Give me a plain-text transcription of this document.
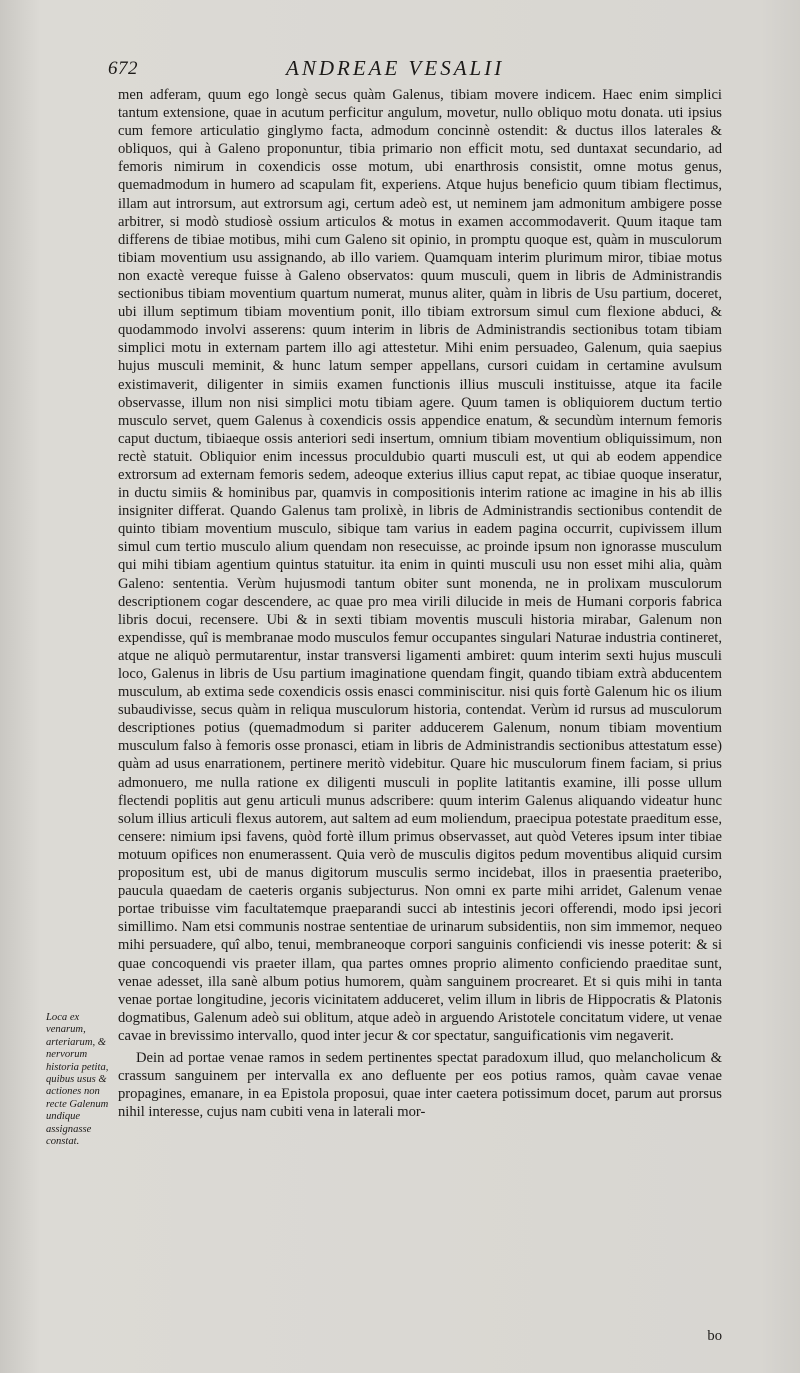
672	ANDREAE VESALII

men adferam, quum ego longè secus quàm Galenus, tibiam movere indicem. Haec enim simplici tantum extensione, quae in acutum perficitur angulum, movetur, nullo obliquo motu donata. uti ipsius cum femore articulatio ginglymo facta, admodum concinnè ostendit: & ductus illos laterales & obliquos, qui à Galeno proponuntur, tibia primario non efficit motu, sed duntaxat secundario, ad femoris nimirum in coxendicis osse motum, ubi enarthrosis consistit, omne motus genus, quemadmodum in humero ad scapulam fit, experiens. Atque hujus beneficio quum tibiam flectimus, illam aut introrsum, aut extrorsum agi, certum adeò est, ut neminem jam admonitum ambigere posse arbitrer, si modò studiosè ossium articulos & motus in examen accommodaverit. Quum itaque tam differens de tibiae motibus, mihi cum Galeno sit opinio, in promptu quoque est, quàm in musculorum tibiam moventium usu assignando, ab illo variem. Quamquam interim plurimum miror, tibiae motus non exactè vereque fuisse à Galeno observatos: quum musculi, quem in libris de Administrandis sectionibus tibiam moventium quartum numerat, munus aliter, quàm in libris de Usu partium, doceret, ubi illum septimum tibiam moventium ponit, illo tibiam extrorsum simul cum flexione abduci, & quodammodo involvi asserens: quum interim in libris de Administrandis sectionibus totam tibiam simplici motu in externam partem illo agi attestetur. Mihi enim persuadeo, Galenum, quia saepius hujus musculi meminit, & hunc latum semper appellans, cursori cuidam in certamine avulsum existimaverit, diligenter in simiis examen functionis illius musculi instituisse, atque ita facile observasse, illum non nisi simplici motu tibiam agere. Quum tamen is obliquiorem ductum tertio musculo servet, quem Galenus à coxendicis ossis appendice enatum, & secundùm internum femoris caput ductum, tibiaeque ossis anteriori sedi insertum, omnium tibiam moventium obliquissimum, non rectè statuit. Obliquior enim incessus proculdubio quarti musculi est, ut qui ab eodem appendice extrorsum ad externam femoris sedem, adeoque exterius illius caput repat, ac tibiae quoque inseratur, in ductu simiis & hominibus par, quamvis in compositionis interim ratione ac imagine in his ab illis insigniter differat. Quando Galenus tam prolixè, in libris de Administrandis sectionibus contendit de quinto tibiam moventium musculo, sibique tam varius in eadem pagina occurrit, cupivissem illum simul cum tertio musculo alium quendam non resecuisse, ac proinde ipsum non ignorasse musculum qui mihi tibiam agentium quintus statuitur. ita enim in quinti musculi usu non esset mihi alia, quàm Galeno: sententia. Verùm hujusmodi tantum obiter sunt monenda, ne in prolixam musculorum descriptionem cogar descendere, ac quae pro mea virili dilucide in meis de Humani corporis fabrica libris docui, recensere. Ubi & in sexti tibiam moventis musculi historia mirabar, Galenum non expendisse, quî is membranae modo musculos femur occupantes singulari Naturae industria contineret, atque ne aliquò permutarentur, instar transversi ligamenti ambiret: quum interim sexti hujus musculi loco, Galenus in libris de Usu partium imaginatione quendam fingit, quando tibiam extrà abducentem musculum, ab extima sede coxendicis ossis enasci comminiscitur. nisi quis fortè Galenum hic os ilium subaudivisse, secus quàm in reliqua musculorum historia, contendat. Verùm id rursus ad musculorum descriptiones potius (quemadmodum si pariter adducerem Galenum, nonum tibiam moventium musculum falso à femoris osse pronasci, etiam in libris de Administrandis sectionibus attestatum esse) quàm ad usus enarrationem, pertinere meritò videbitur. Quare hic musculorum finem faciam, si prius admonuero, me nulla ratione ex diligenti musculi in poplite latitantis examine, illi posse ullum flectendi poplitis aut genu articuli munus adscribere: quum interim Galenus aliquando videatur hunc solum illius articuli flexus autorem, aut saltem ad eum moliendum, praecipua potestate praeditum esse, censere: nimium ipsi favens, quòd fortè illum primus observasset, aut quòd Veteres ipsum inter tibiae motuum opifices non enumerassent. Quia verò de musculis digitos pedum moventibus aliquid cursim propositum est, ubi de manus digitorum musculis sermo incidebat, illos in praesentia praeteribo, paucula quaedam de caeteris organis subjecturus. Non omni ex parte mihi arridet, Galenum venae portae tribuisse vim facultatemque praeparandi succi ab intestinis jecori offerendi, modo ipsi jecori simillimo. Nam etsi communis nostrae sententiae de urinarum subsidentiis, non sim immemor, nequeo mihi persuadere, quî albo, tenui, membraneoque corpori sanguinis conficiendi vis inesse poterit: & si quae concoquendi vis praeter illam, qua partes omnes proprio alimento conficiendo praeditae sunt, venae adesset, illa sanè album potius humorem, quàm sanguinem procrearet. Et si quis mihi in tanta venae portae longitudine, jecoris vicinitatem adduceret, velim illum in libris de Hippocratis & Platonis dogmatibus, Galenum adeò sui oblitum, atque adeò in arguendo Aristotele concitatum videre, ut venae cavae in brevissimo intervallo, quod inter jecur & cor spectatur, sanguificationis vim negaverit.

Dein ad portae venae ramos in sedem pertinentes spectat paradoxum illud, quo melancholicum & crassum sanguinem per intervalla ex ano defluente per eos potius ramos, quàm cavae venae propagines, emanare, in ea Epistola proposui, quae inter caetera potissimum docet, parum aut prorsus nihil interesse, cujus nam cubiti vena in laterali mor-

Loca ex venarum, arteriarum, & nervorum historia petita, quibus usus & actiones non recte Galenum undique assignasse constat.
bo
